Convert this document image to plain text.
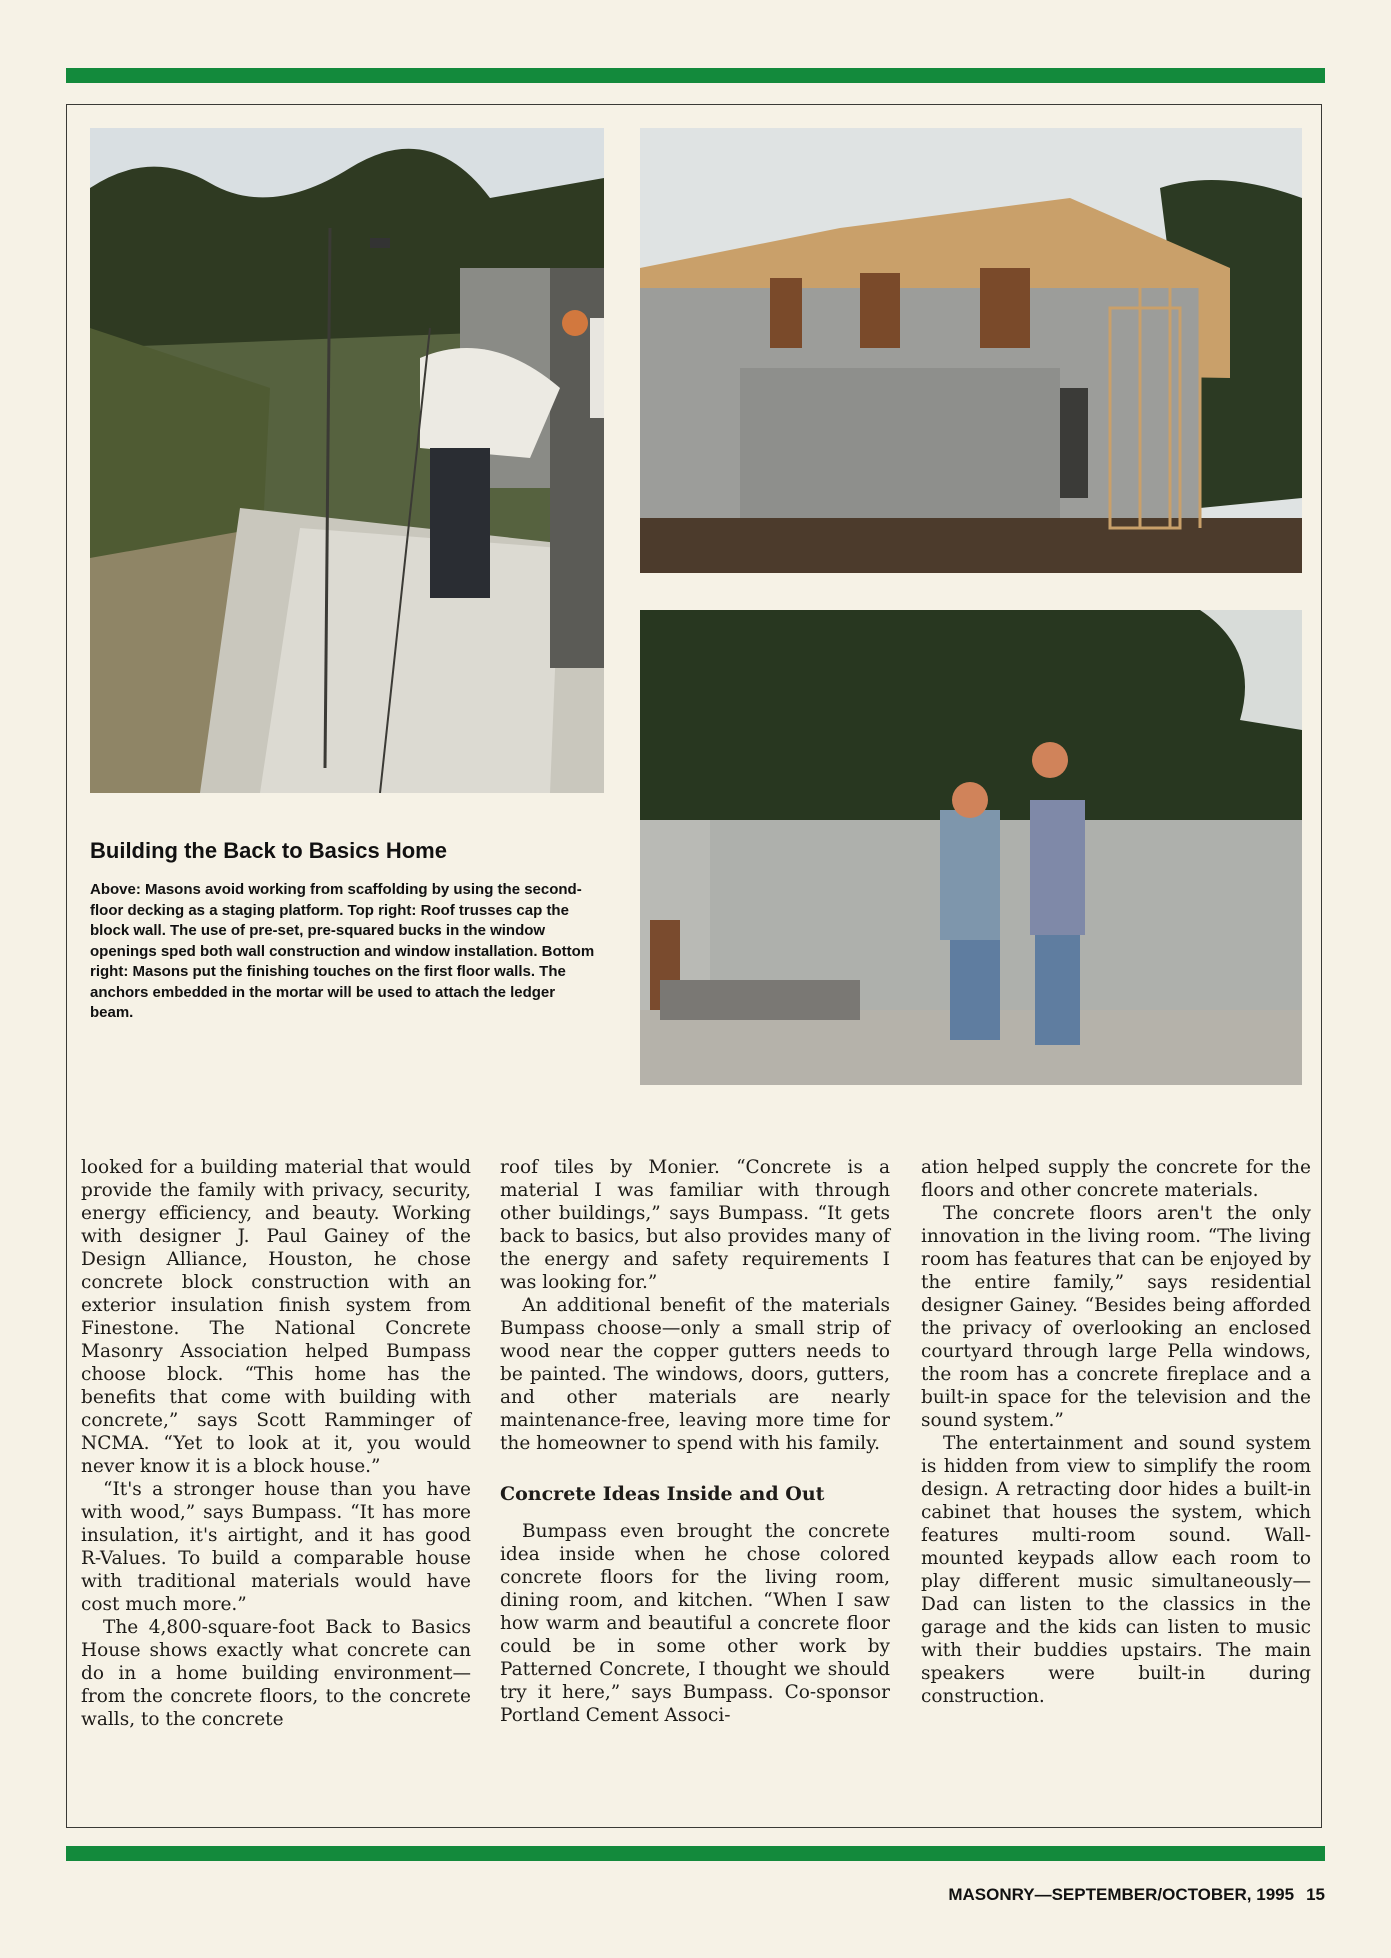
Building the Back to Basics Home

Above: Masons avoid working from scaffolding by using the second-floor decking as a staging platform. Top right: Roof trusses cap the block wall. The use of pre-set, pre-squared bucks in the window openings sped both wall construction and window installation. Bottom right: Masons put the finishing touches on the first floor walls. The anchors embedded in the mortar will be used to attach the ledger beam.

looked for a building material that would provide the family with privacy, security, energy efficiency, and beauty. Working with designer J. Paul Gainey of the Design Alliance, Houston, he chose concrete block construction with an exterior insulation finish system from Finestone. The National Concrete Masonry Association helped Bumpass choose block. “This home has the benefits that come with building with concrete,” says Scott Ramminger of NCMA. “Yet to look at it, you would never know it is a block house.”

“It's a stronger house than you have with wood,” says Bumpass. “It has more insulation, it's airtight, and it has good R-Values. To build a comparable house with traditional materials would have cost much more.”

The 4,800-square-foot Back to Basics House shows exactly what concrete can do in a home building environment—from the concrete floors, to the concrete walls, to the concrete

roof tiles by Monier. “Concrete is a material I was familiar with through other buildings,” says Bumpass. “It gets back to basics, but also provides many of the energy and safety requirements I was looking for.”

An additional benefit of the materials Bumpass choose—only a small strip of wood near the copper gutters needs to be painted. The windows, doors, gutters, and other materials are nearly maintenance-free, leaving more time for the homeowner to spend with his family.

Concrete Ideas Inside and Out

Bumpass even brought the concrete idea inside when he chose colored concrete floors for the living room, dining room, and kitchen. “When I saw how warm and beautiful a concrete floor could be in some other work by Patterned Concrete, I thought we should try it here,” says Bumpass. Co-sponsor Portland Cement Associ-

ation helped supply the concrete for the floors and other concrete materials.

The concrete floors aren't the only innovation in the living room. “The living room has features that can be enjoyed by the entire family,” says residential designer Gainey. “Besides being afforded the privacy of overlooking an enclosed courtyard through large Pella windows, the room has a concrete fireplace and a built-in space for the television and the sound system.”

The entertainment and sound system is hidden from view to simplify the room design. A retracting door hides a built-in cabinet that houses the system, which features multi-room sound. Wall-mounted keypads allow each room to play different music simultaneously—Dad can listen to the classics in the garage and the kids can listen to music with their buddies upstairs. The main speakers were built-in during construction.

MASONRY—SEPTEMBER/OCTOBER, 1995 15
